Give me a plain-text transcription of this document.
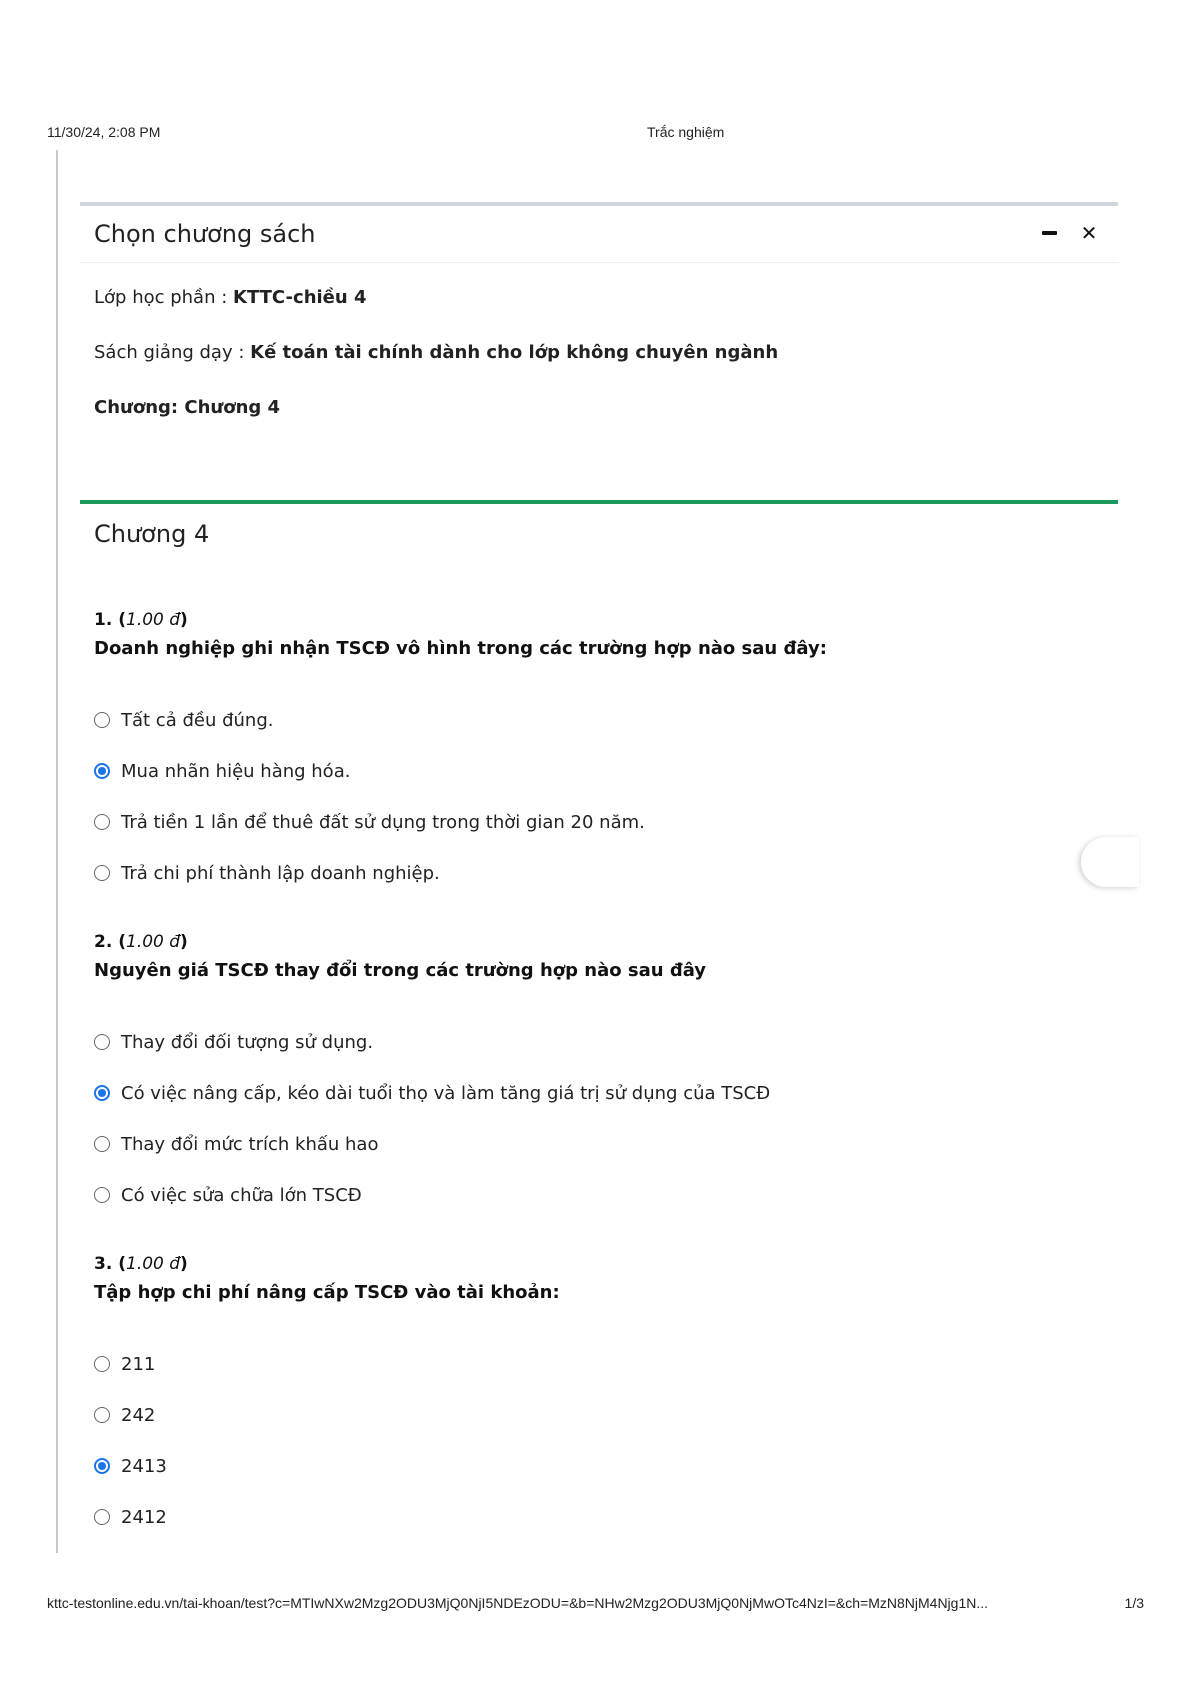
11/30/24, 2:08 PM	Trắc nghiệm
Chọn chương sách	✕
Lớp học phần : KTTC-chiều 4
Sách giảng dạy : Kế toán tài chính dành cho lớp không chuyên ngành
Chương: Chương 4
Chương 4
1. (1.00 đ)
Doanh nghiệp ghi nhận TSCĐ vô hình trong các trường hợp nào sau đây:
Tất cả đều đúng.
Mua nhãn hiệu hàng hóa.
Trả tiền 1 lần để thuê đất sử dụng trong thời gian 20 năm.
Trả chi phí thành lập doanh nghiệp.
2. (1.00 đ)
Nguyên giá TSCĐ thay đổi trong các trường hợp nào sau đây
Thay đổi đối tượng sử dụng.
Có việc nâng cấp, kéo dài tuổi thọ và làm tăng giá trị sử dụng của TSCĐ
Thay đổi mức trích khấu hao
Có việc sửa chữa lớn TSCĐ
3. (1.00 đ)
Tập hợp chi phí nâng cấp TSCĐ vào tài khoản:
211
242
2413
2412
kttc-testonline.edu.vn/tai-khoan/test?c=MTIwNXw2Mzg2ODU3MjQ0NjI5NDEzODU=&b=NHw2Mzg2ODU3MjQ0NjMwOTc4NzI=&ch=MzN8NjM4Njg1N...	1/3
